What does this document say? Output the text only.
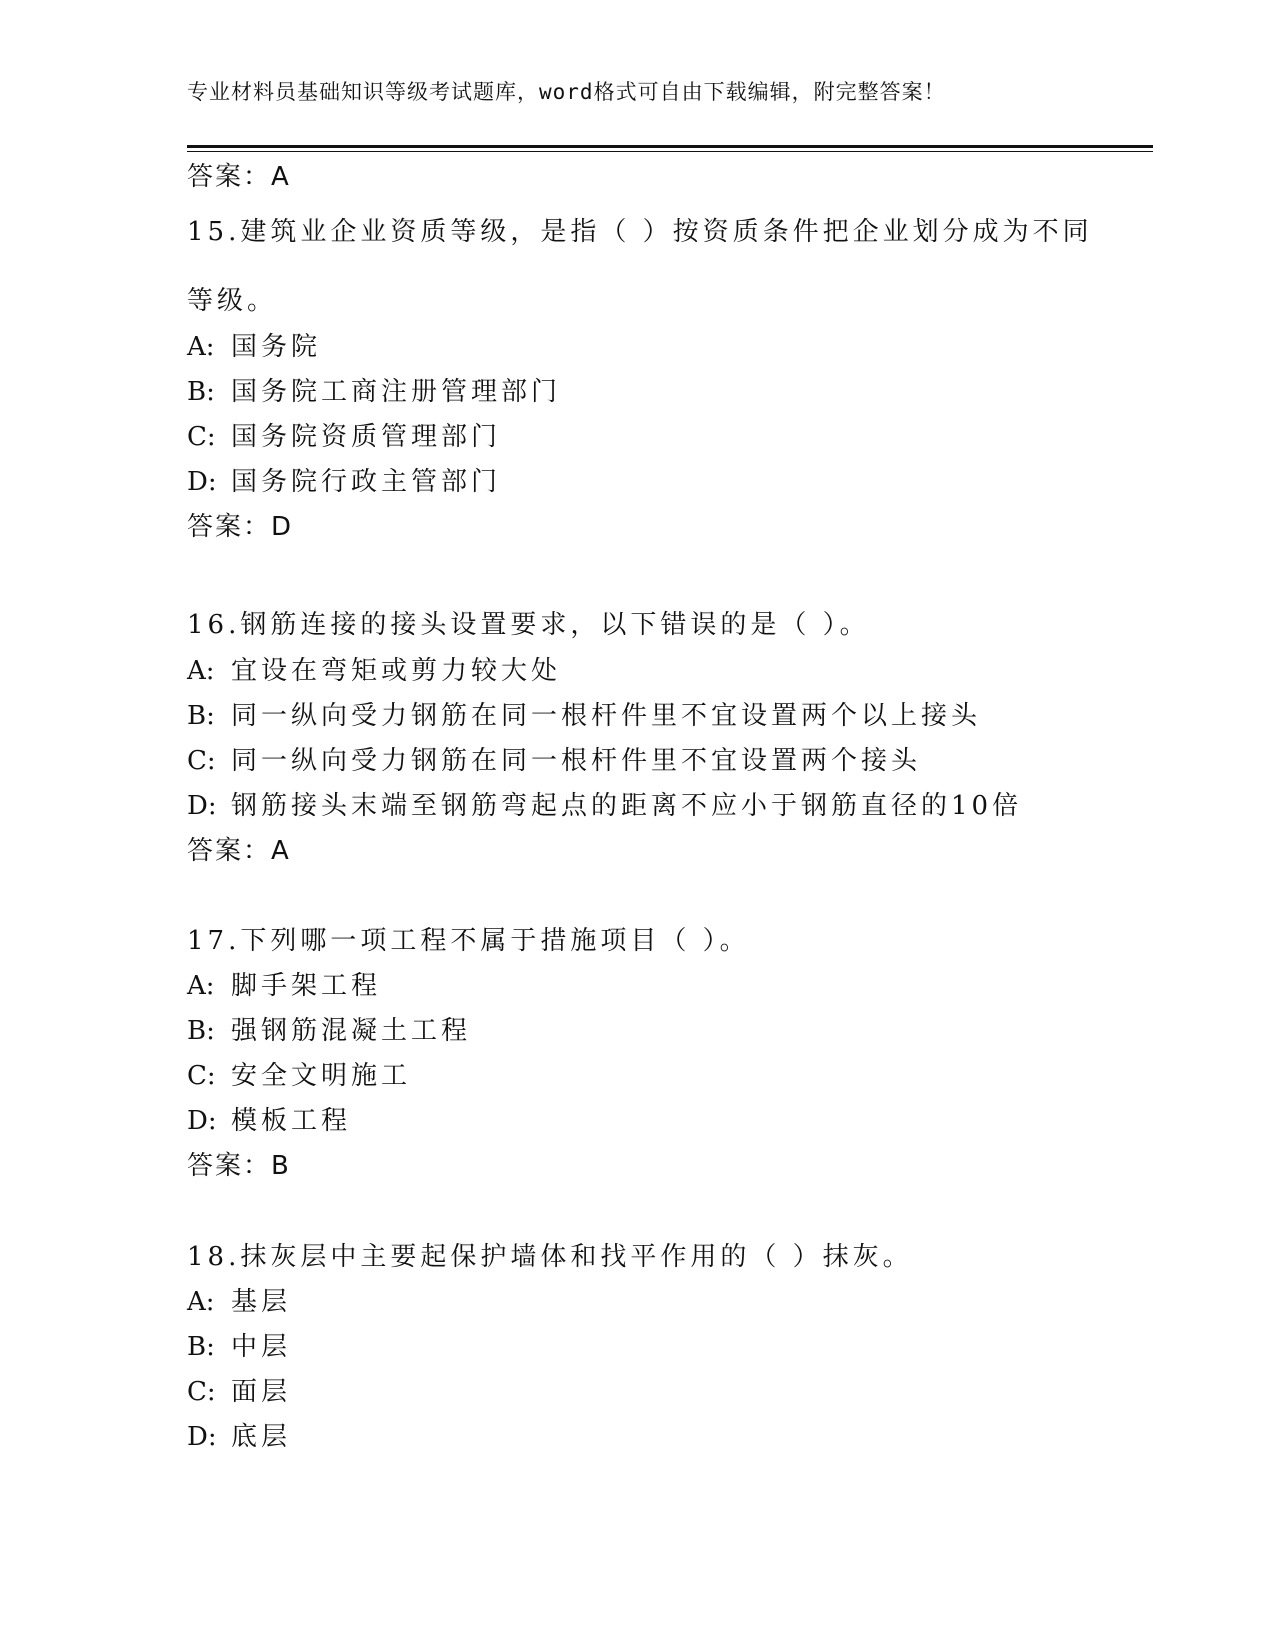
专业材料员基础知识等级考试题库，word格式可自由下载编辑，附完整答案！
答案：A
15.建筑业企业资质等级，是指（ ）按资质条件把企业划分成为不同
等级。
A: 国务院
B: 国务院工商注册管理部门
C: 国务院资质管理部门
D: 国务院行政主管部门
答案：D
16.钢筋连接的接头设置要求，以下错误的是（ ）。
A: 宜设在弯矩或剪力较大处
B: 同一纵向受力钢筋在同一根杆件里不宜设置两个以上接头
C: 同一纵向受力钢筋在同一根杆件里不宜设置两个接头
D: 钢筋接头末端至钢筋弯起点的距离不应小于钢筋直径的10倍
答案：A
17.下列哪一项工程不属于措施项目（ ）。
A: 脚手架工程
B: 强钢筋混凝土工程
C: 安全文明施工
D: 模板工程
答案：B
18.抹灰层中主要起保护墙体和找平作用的（ ）抹灰。
A: 基层
B: 中层
C: 面层
D: 底层
